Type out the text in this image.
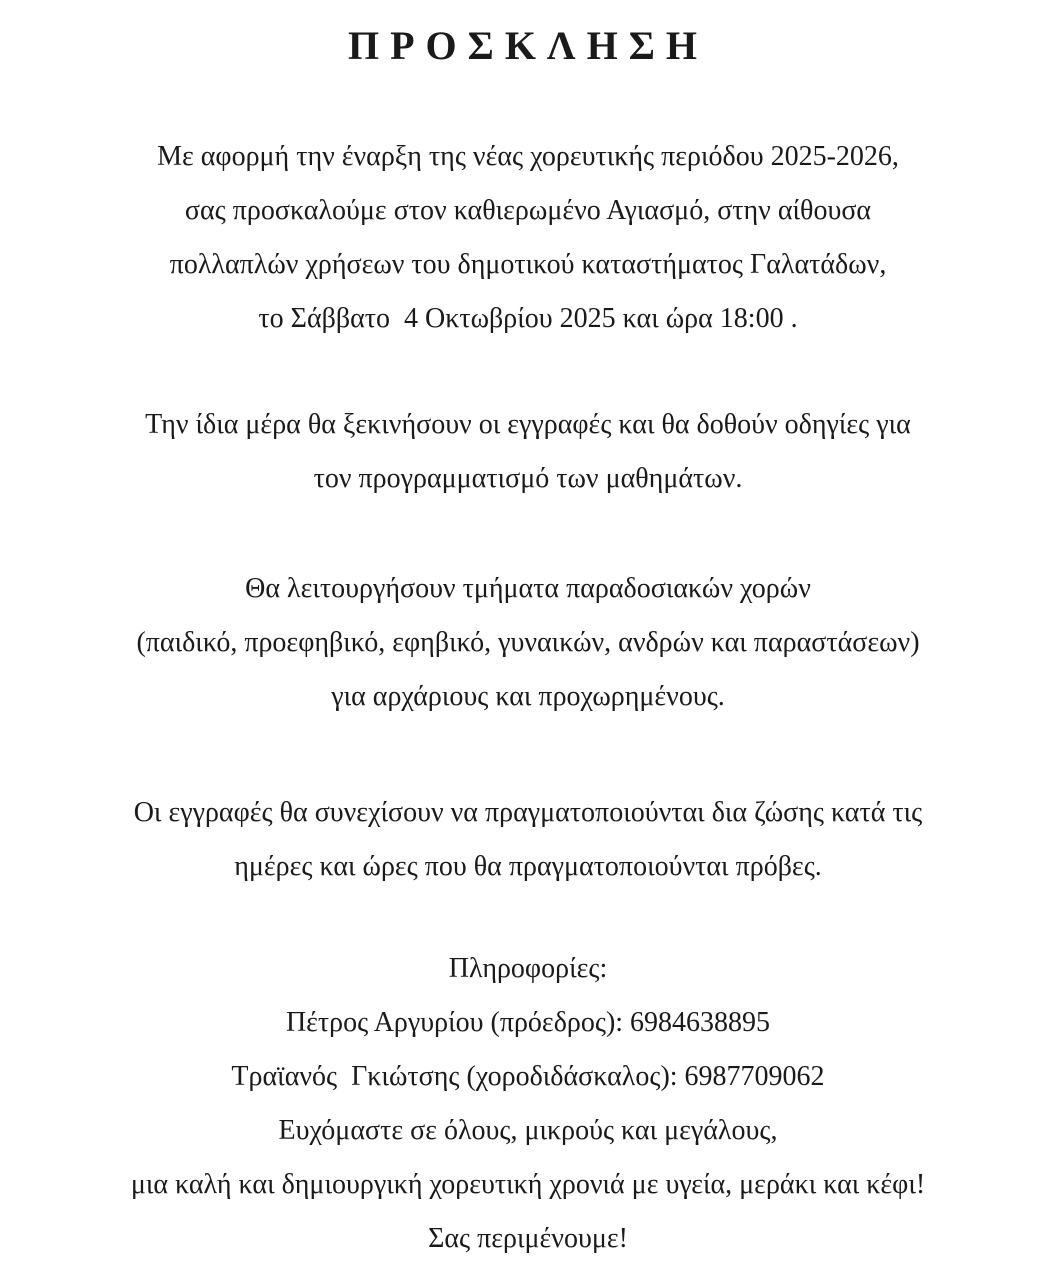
ΠΡΟΣΚΛΗΣΗ
Με αφορμή την έναρξη της νέας χορευτικής περιόδου 2025-2026,
σας προσκαλούμε στον καθιερωμένο Αγιασμό, στην αίθουσα
πολλαπλών χρήσεων του δημοτικού καταστήματος Γαλατάδων,
το Σάββατο  4 Οκτωβρίου 2025 και ώρα 18:00 .
Την ίδια μέρα θα ξεκινήσουν οι εγγραφές και θα δοθούν οδηγίες για
τον προγραμματισμό των μαθημάτων.
Θα λειτουργήσουν τμήματα παραδοσιακών χορών
(παιδικό, προεφηβικό, εφηβικό, γυναικών, ανδρών και παραστάσεων)
για αρχάριους και προχωρημένους.
Οι εγγραφές θα συνεχίσουν να πραγματοποιούνται δια ζώσης κατά τις
ημέρες και ώρες που θα πραγματοποιούνται πρόβες.
Πληροφορίες:
Πέτρος Αργυρίου (πρόεδρος): 6984638895
Τραϊανός  Γκιώτσης (χοροδιδάσκαλος): 6987709062
Ευχόμαστε σε όλους, μικρούς και μεγάλους,
μια καλή και δημιουργική χορευτική χρονιά με υγεία, μεράκι και κέφι!
Σας περιμένουμε!
